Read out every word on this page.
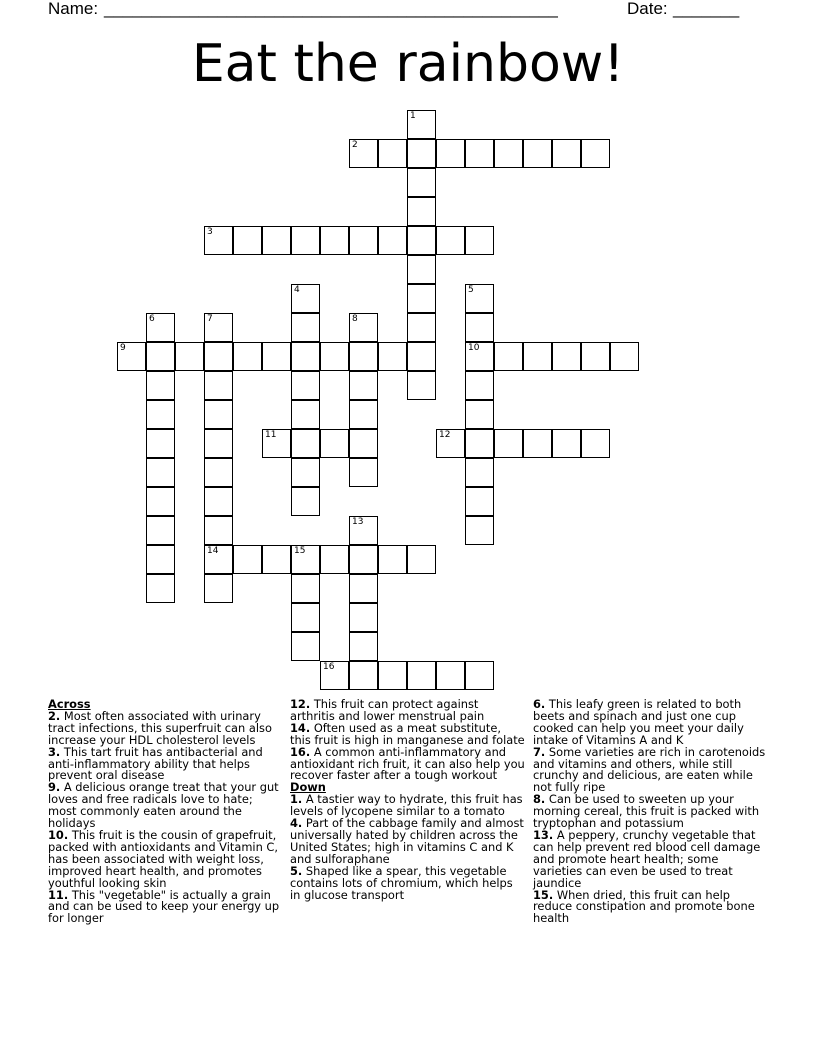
Name: ________________________________________________	Date: _______
Eat the rainbow!
1
2
3
4	5
10
6	7
14
8
9
11	12
13
15
16
Across
2. Most often associated with urinary tract infections, this superfruit can also increase your HDL cholesterol levels
3. This tart fruit has antibacterial and anti-inflammatory ability that helps prevent oral disease
9. A delicious orange treat that your gut loves and free radicals love to hate; most commonly eaten around the holidays
10. This fruit is the cousin of grapefruit, packed with antioxidants and Vitamin C, has been associated with weight loss, improved heart health, and promotes youthful looking skin
11. This "vegetable" is actually a grain and can be used to keep your energy up for longer
12. This fruit can protect against arthritis and lower menstrual pain
14. Often used as a meat substitute, this fruit is high in manganese and folate
16. A common anti-inflammatory and antioxidant rich fruit, it can also help you recover faster after a tough workout
Down
1. A tastier way to hydrate, this fruit has levels of lycopene similar to a tomato
4. Part of the cabbage family and almost universally hated by children across the United States; high in vitamins C and K and sulforaphane
5. Shaped like a spear, this vegetable contains lots of chromium, which helps in glucose transport
6. This leafy green is related to both beets and spinach and just one cup cooked can help you meet your daily intake of Vitamins A and K
7. Some varieties are rich in carotenoids and vitamins and others, while still crunchy and delicious, are eaten while not fully ripe
8. Can be used to sweeten up your morning cereal, this fruit is packed with tryptophan and potassium
13. A peppery, crunchy vegetable that can help prevent red blood cell damage and promote heart health; some varieties can even be used to treat jaundice
15. When dried, this fruit can help reduce constipation and promote bone health
